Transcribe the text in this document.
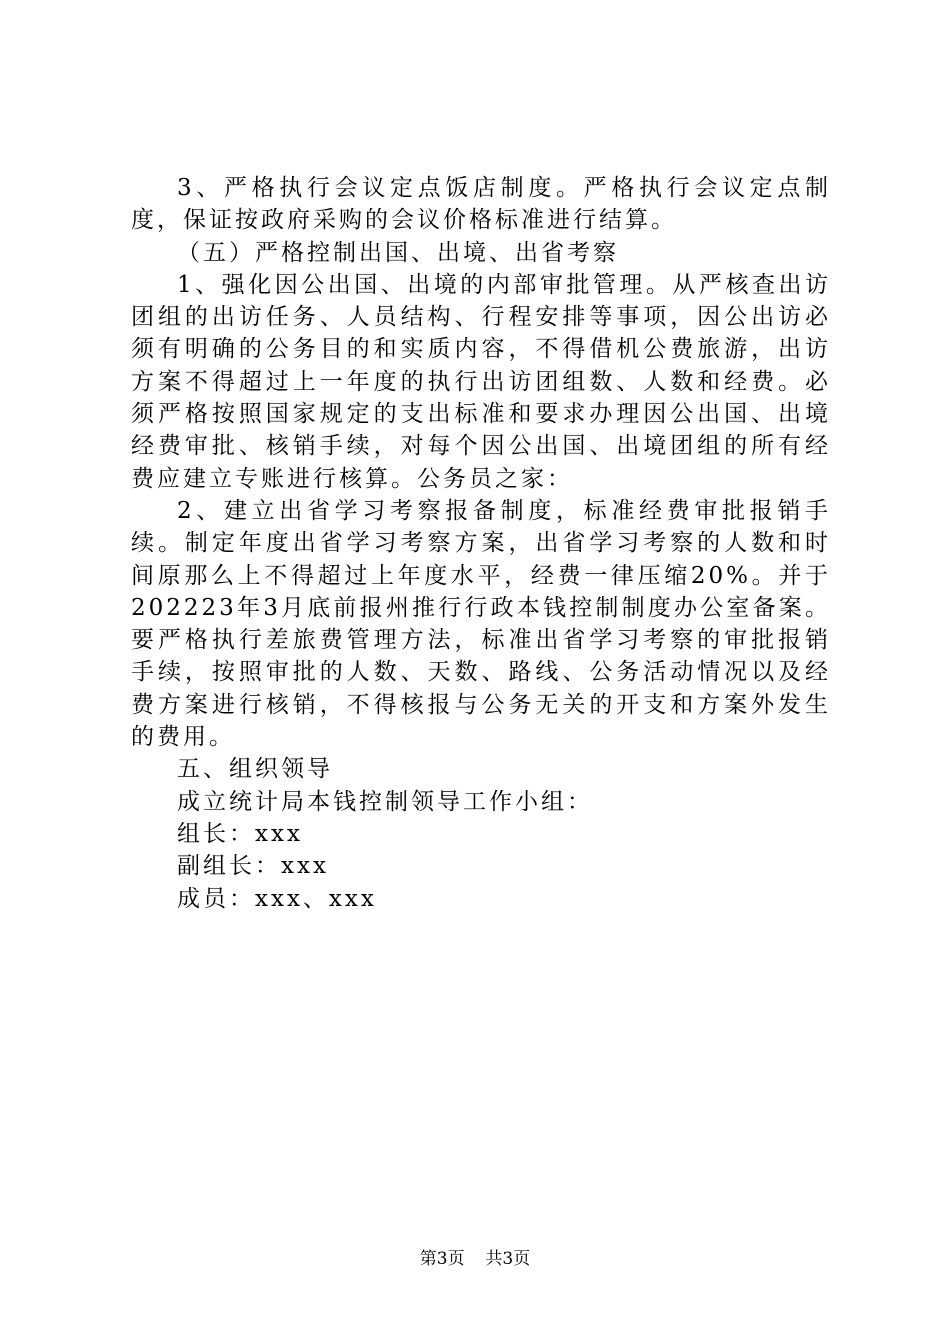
3、严格执行会议定点饭店制度。严格执行会议定点制度，保证按政府采购的会议价格标准进行结算。

（五）严格控制出国、出境、出省考察

1、强化因公出国、出境的内部审批管理。从严核查出访团组的出访任务、人员结构、行程安排等事项，因公出访必须有明确的公务目的和实质内容，不得借机公费旅游，出访方案不得超过上一年度的执行出访团组数、人数和经费。必须严格按照国家规定的支出标准和要求办理因公出国、出境经费审批、核销手续，对每个因公出国、出境团组的所有经费应建立专账进行核算。公务员之家：

2、建立出省学习考察报备制度，标准经费审批报销手续。制定年度出省学习考察方案，出省学习考察的人数和时间原那么上不得超过上年度水平，经费一律压缩20%。并于202223年3月底前报州推行行政本钱控制制度办公室备案。要严格执行差旅费管理方法，标准出省学习考察的审批报销手续，按照审批的人数、天数、路线、公务活动情况以及经费方案进行核销，不得核报与公务无关的开支和方案外发生的费用。

五、组织领导

成立统计局本钱控制领导工作小组：

组长：xxx

副组长：xxx

成员：xxx、xxx

第3页 共3页
